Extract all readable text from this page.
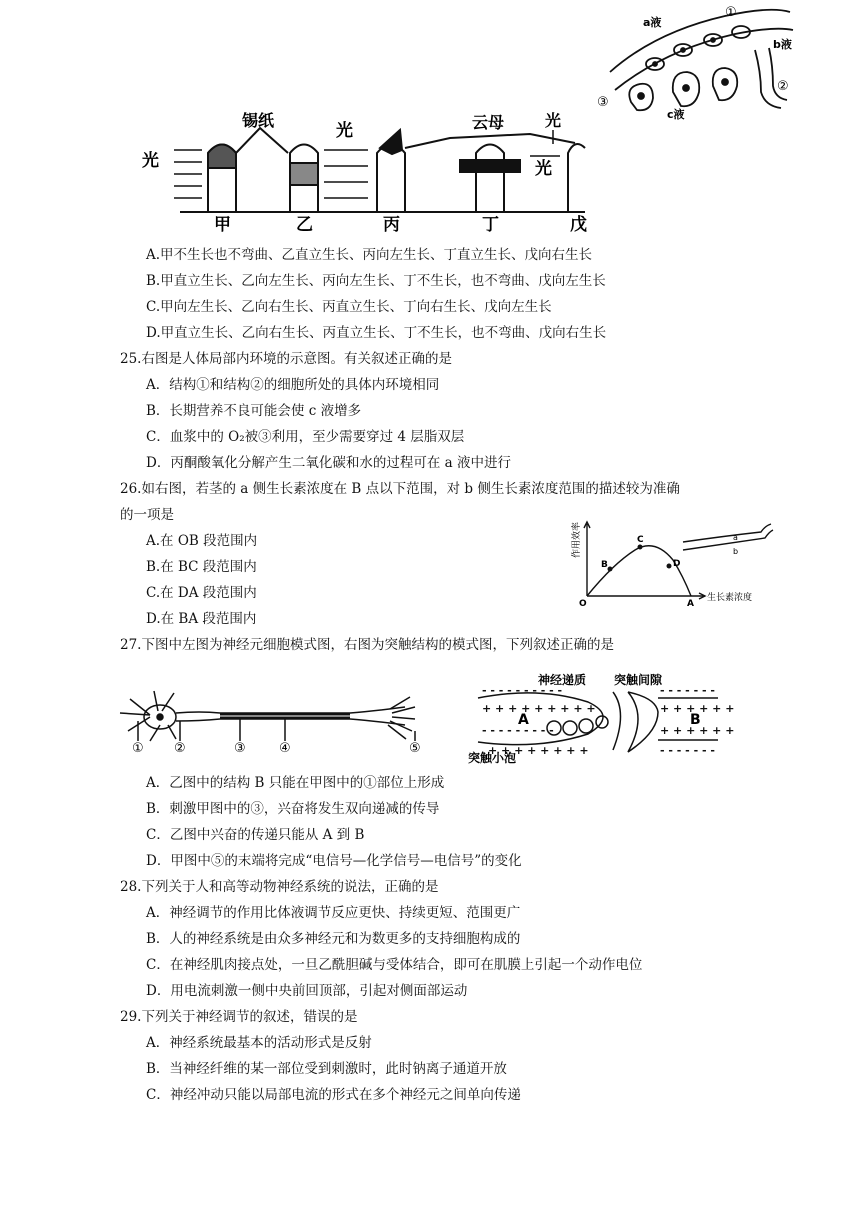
光
锡纸
光	云母	光
光
甲	乙	丙	丁	戊
a液
b液
c液
①
②
③
A.甲不生长也不弯曲、乙直立生长、丙向左生长、丁直立生长、戊向右生长
B.甲直立生长、乙向左生长、丙向左生长、丁不生长，也不弯曲、戊向左生长
C.甲向左生长、乙向右生长、丙直立生长、丁向右生长、戊向左生长
D.甲直立生长、乙向右生长、丙直立生长、丁不生长，也不弯曲、戊向右生长
25.右图是人体局部内环境的示意图。有关叙述正确的是
A．结构①和结构②的细胞所处的具体内环境相同
B．长期营养不良可能会使 c 液增多
C．血浆中的 O₂被③利用，至少需要穿过 4 层脂双层
D．丙酮酸氧化分解产生二氧化碳和水的过程可在 a 液中进行
26.如右图，若茎的 a 侧生长素浓度在 B 点以下范围，对 b 侧生长素浓度范围的描述较为准确
的一项是
A.在 OB 段范围内
B.在 BC 段范围内
C.在 DA 段范围内
D.在 BA 段范围内
作用效率
生长素浓度
O	A
B
C
D
a
b
27.下图中左图为神经元细胞模式图，右图为突触结构的模式图，下列叙述正确的是
① ②	③	④	⑤
+ + + + + + + + +
- - - - - - - - - -
- - - - - - - - -
+ + + + + + + +
- - - - - - -
+ + + + + +
+ + + + + +
- - - - - - -
神经递质 突触间隙
突触小泡
A	B
A．乙图中的结构 B 只能在甲图中的①部位上形成
B．刺激甲图中的③，兴奋将发生双向递减的传导
C．乙图中兴奋的传递只能从 A 到 B
D．甲图中⑤的末端将完成“电信号—化学信号—电信号”的变化
28.下列关于人和高等动物神经系统的说法，正确的是
A．神经调节的作用比体液调节反应更快、持续更短、范围更广
B．人的神经系统是由众多神经元和为数更多的支持细胞构成的
C．在神经肌肉接点处，一旦乙酰胆碱与受体结合，即可在肌膜上引起一个动作电位
D．用电流刺激一侧中央前回顶部，引起对侧面部运动
29.下列关于神经调节的叙述，错误的是
A．神经系统最基本的活动形式是反射
B．当神经纤维的某一部位受到刺激时，此时钠离子通道开放
C．神经冲动只能以局部电流的形式在多个神经元之间单向传递
